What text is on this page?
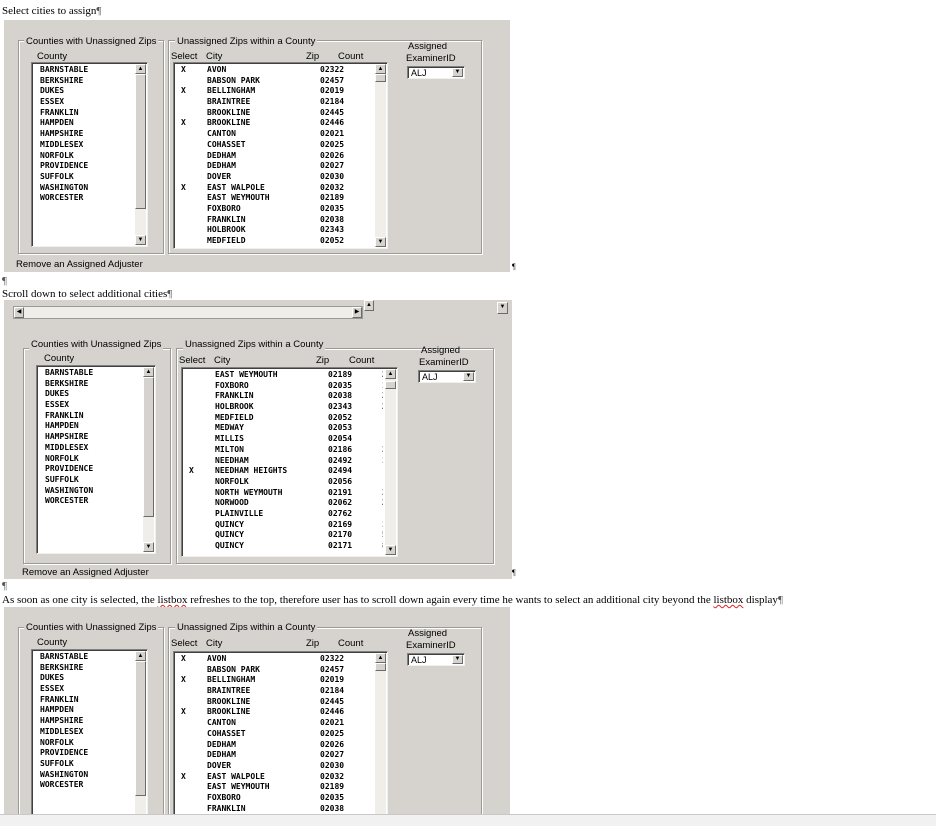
Select cities to assign¶
¶
Scroll down to select additional cities¶
¶
As soon as one city is selected, the listbox refreshes to the top, therefore user has to scroll down again every time he wants to select an additional city beyond the listbox display¶
Counties with Unassigned Zips
County
BARNSTABLE
BERKSHIRE
DUKES
ESSEX
FRANKLIN
HAMPDEN
HAMPSHIRE
MIDDLESEX
NORFOLK
PROVIDENCE
SUFFOLK
WASHINGTON
WORCESTER
▲
▼
Unassigned Zips within a County
Select City	Zip Count
X	AVON	02322
BABSON PARK	02457
X	BELLINGHAM	02019
BRAINTREE	02184
BROOKLINE	02445
X	BROOKLINE	02446
CANTON	02021
COHASSET	02025
DEDHAM	02026
DEDHAM	02027
DOVER	02030
X	EAST WALPOLE	02032
EAST WEYMOUTH	02189
FOXBORO	02035
FRANKLIN	02038
HOLBROOK	02343
MEDFIELD	02052
▲
▼
Assigned
ExaminerID
ALJ	▼
Remove an Assigned Adjuster	¶
◀	▶
▲	▼
Counties with Unassigned Zips
County
BARNSTABLE
BERKSHIRE
DUKES
ESSEX
FRANKLIN
HAMPDEN
HAMPSHIRE
MIDDLESEX
NORFOLK
PROVIDENCE
SUFFOLK
WASHINGTON
WORCESTER
▲
▼
Unassigned Zips within a County
Select City	Zip Count
EAST WEYMOUTH	02189
FOXBORO	02035
FRANKLIN	02038
HOLBROOK	02343
MEDFIELD	02052
MEDWAY	02053
MILLIS	02054
MILTON	02186
NEEDHAM	02492
X	NEEDHAM HEIGHTS	02494
NORFOLK	02056
NORTH WEYMOUTH	02191
NORWOOD	02062
PLAINVILLE	02762
QUINCY	02169
QUINCY	02170
QUINCY	02171
▲
▼
Assigned
ExaminerID
ALJ	▼
Remove an Assigned Adjuster	¶
Counties with Unassigned Zips
County
BARNSTABLE
BERKSHIRE
DUKES
ESSEX
FRANKLIN
HAMPDEN
HAMPSHIRE
MIDDLESEX
NORFOLK
PROVIDENCE
SUFFOLK
WASHINGTON
WORCESTER
▲
Unassigned Zips within a County
Select City	Zip Count
X	AVON	02322
BABSON PARK	02457
X	BELLINGHAM	02019
BRAINTREE	02184
BROOKLINE	02445
X	BROOKLINE	02446
CANTON	02021
COHASSET	02025
DEDHAM	02026
DEDHAM	02027
DOVER	02030
X	EAST WALPOLE	02032
EAST WEYMOUTH	02189
FOXBORO	02035
FRANKLIN	02038
▲
Assigned
ExaminerID
ALJ	▼
